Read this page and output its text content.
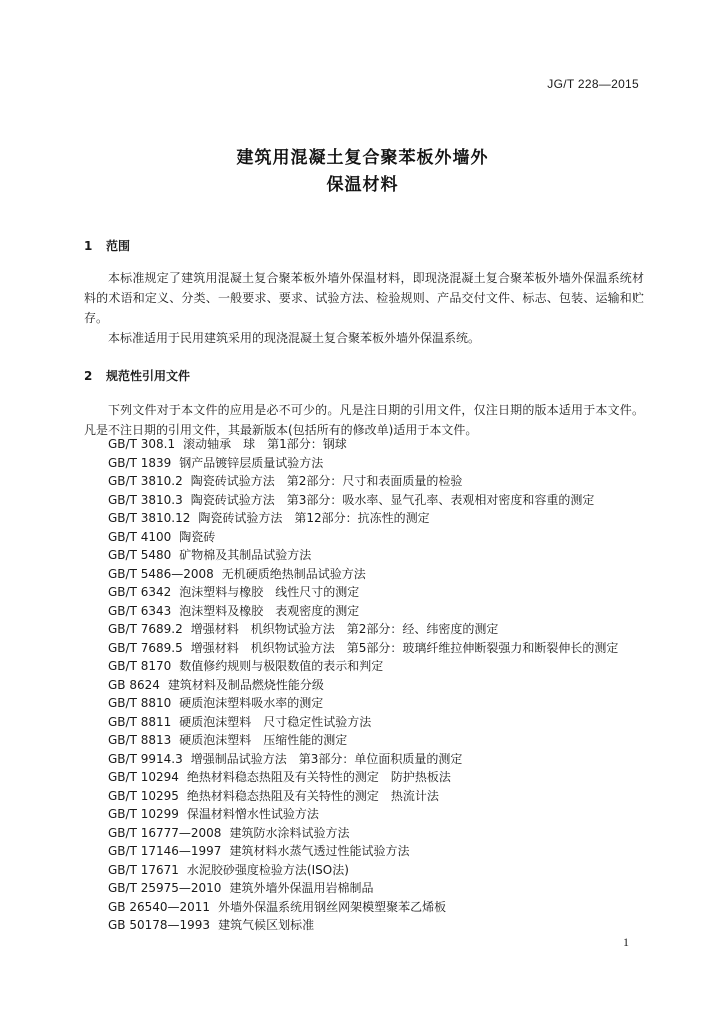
JG/T 228—2015
建筑用混凝土复合聚苯板外墙外
保温材料
1 范围

本标准规定了建筑用混凝土复合聚苯板外墙外保温材料，即现浇混凝土复合聚苯板外墙外保温系统材料的术语和定义、分类、一般要求、要求、试验方法、检验规则、产品交付文件、标志、包装、运输和贮存。

本标准适用于民用建筑采用的现浇混凝土复合聚苯板外墙外保温系统。

2 规范性引用文件

下列文件对于本文件的应用是必不可少的。凡是注日期的引用文件，仅注日期的版本适用于本文件。凡是不注日期的引用文件，其最新版本(包括所有的修改单)适用于本文件。

GB/T 308.1 滚动轴承　球　第1部分：钢球
GB/T 1839 钢产品镀锌层质量试验方法
GB/T 3810.2 陶瓷砖试验方法　第2部分：尺寸和表面质量的检验
GB/T 3810.3 陶瓷砖试验方法　第3部分：吸水率、显气孔率、表观相对密度和容重的测定
GB/T 3810.12 陶瓷砖试验方法　第12部分：抗冻性的测定
GB/T 4100 陶瓷砖
GB/T 5480 矿物棉及其制品试验方法
GB/T 5486—2008 无机硬质绝热制品试验方法
GB/T 6342 泡沫塑料与橡胶　线性尺寸的测定
GB/T 6343 泡沫塑料及橡胶　表观密度的测定
GB/T 7689.2 增强材料　机织物试验方法　第2部分：经、纬密度的测定
GB/T 7689.5 增强材料　机织物试验方法　第5部分：玻璃纤维拉伸断裂强力和断裂伸长的测定
GB/T 8170 数值修约规则与极限数值的表示和判定
GB 8624 建筑材料及制品燃烧性能分级
GB/T 8810 硬质泡沫塑料吸水率的测定
GB/T 8811 硬质泡沫塑料　尺寸稳定性试验方法
GB/T 8813 硬质泡沫塑料　压缩性能的测定
GB/T 9914.3 增强制品试验方法　第3部分：单位面积质量的测定
GB/T 10294 绝热材料稳态热阻及有关特性的测定　防护热板法
GB/T 10295 绝热材料稳态热阻及有关特性的测定　热流计法
GB/T 10299 保温材料憎水性试验方法
GB/T 16777—2008 建筑防水涂料试验方法
GB/T 17146—1997 建筑材料水蒸气透过性能试验方法
GB/T 17671 水泥胶砂强度检验方法(ISO法)
GB/T 25975—2010 建筑外墙外保温用岩棉制品
GB 26540—2011 外墙外保温系统用钢丝网架模塑聚苯乙烯板
GB 50178—1993 建筑气候区划标准
1
